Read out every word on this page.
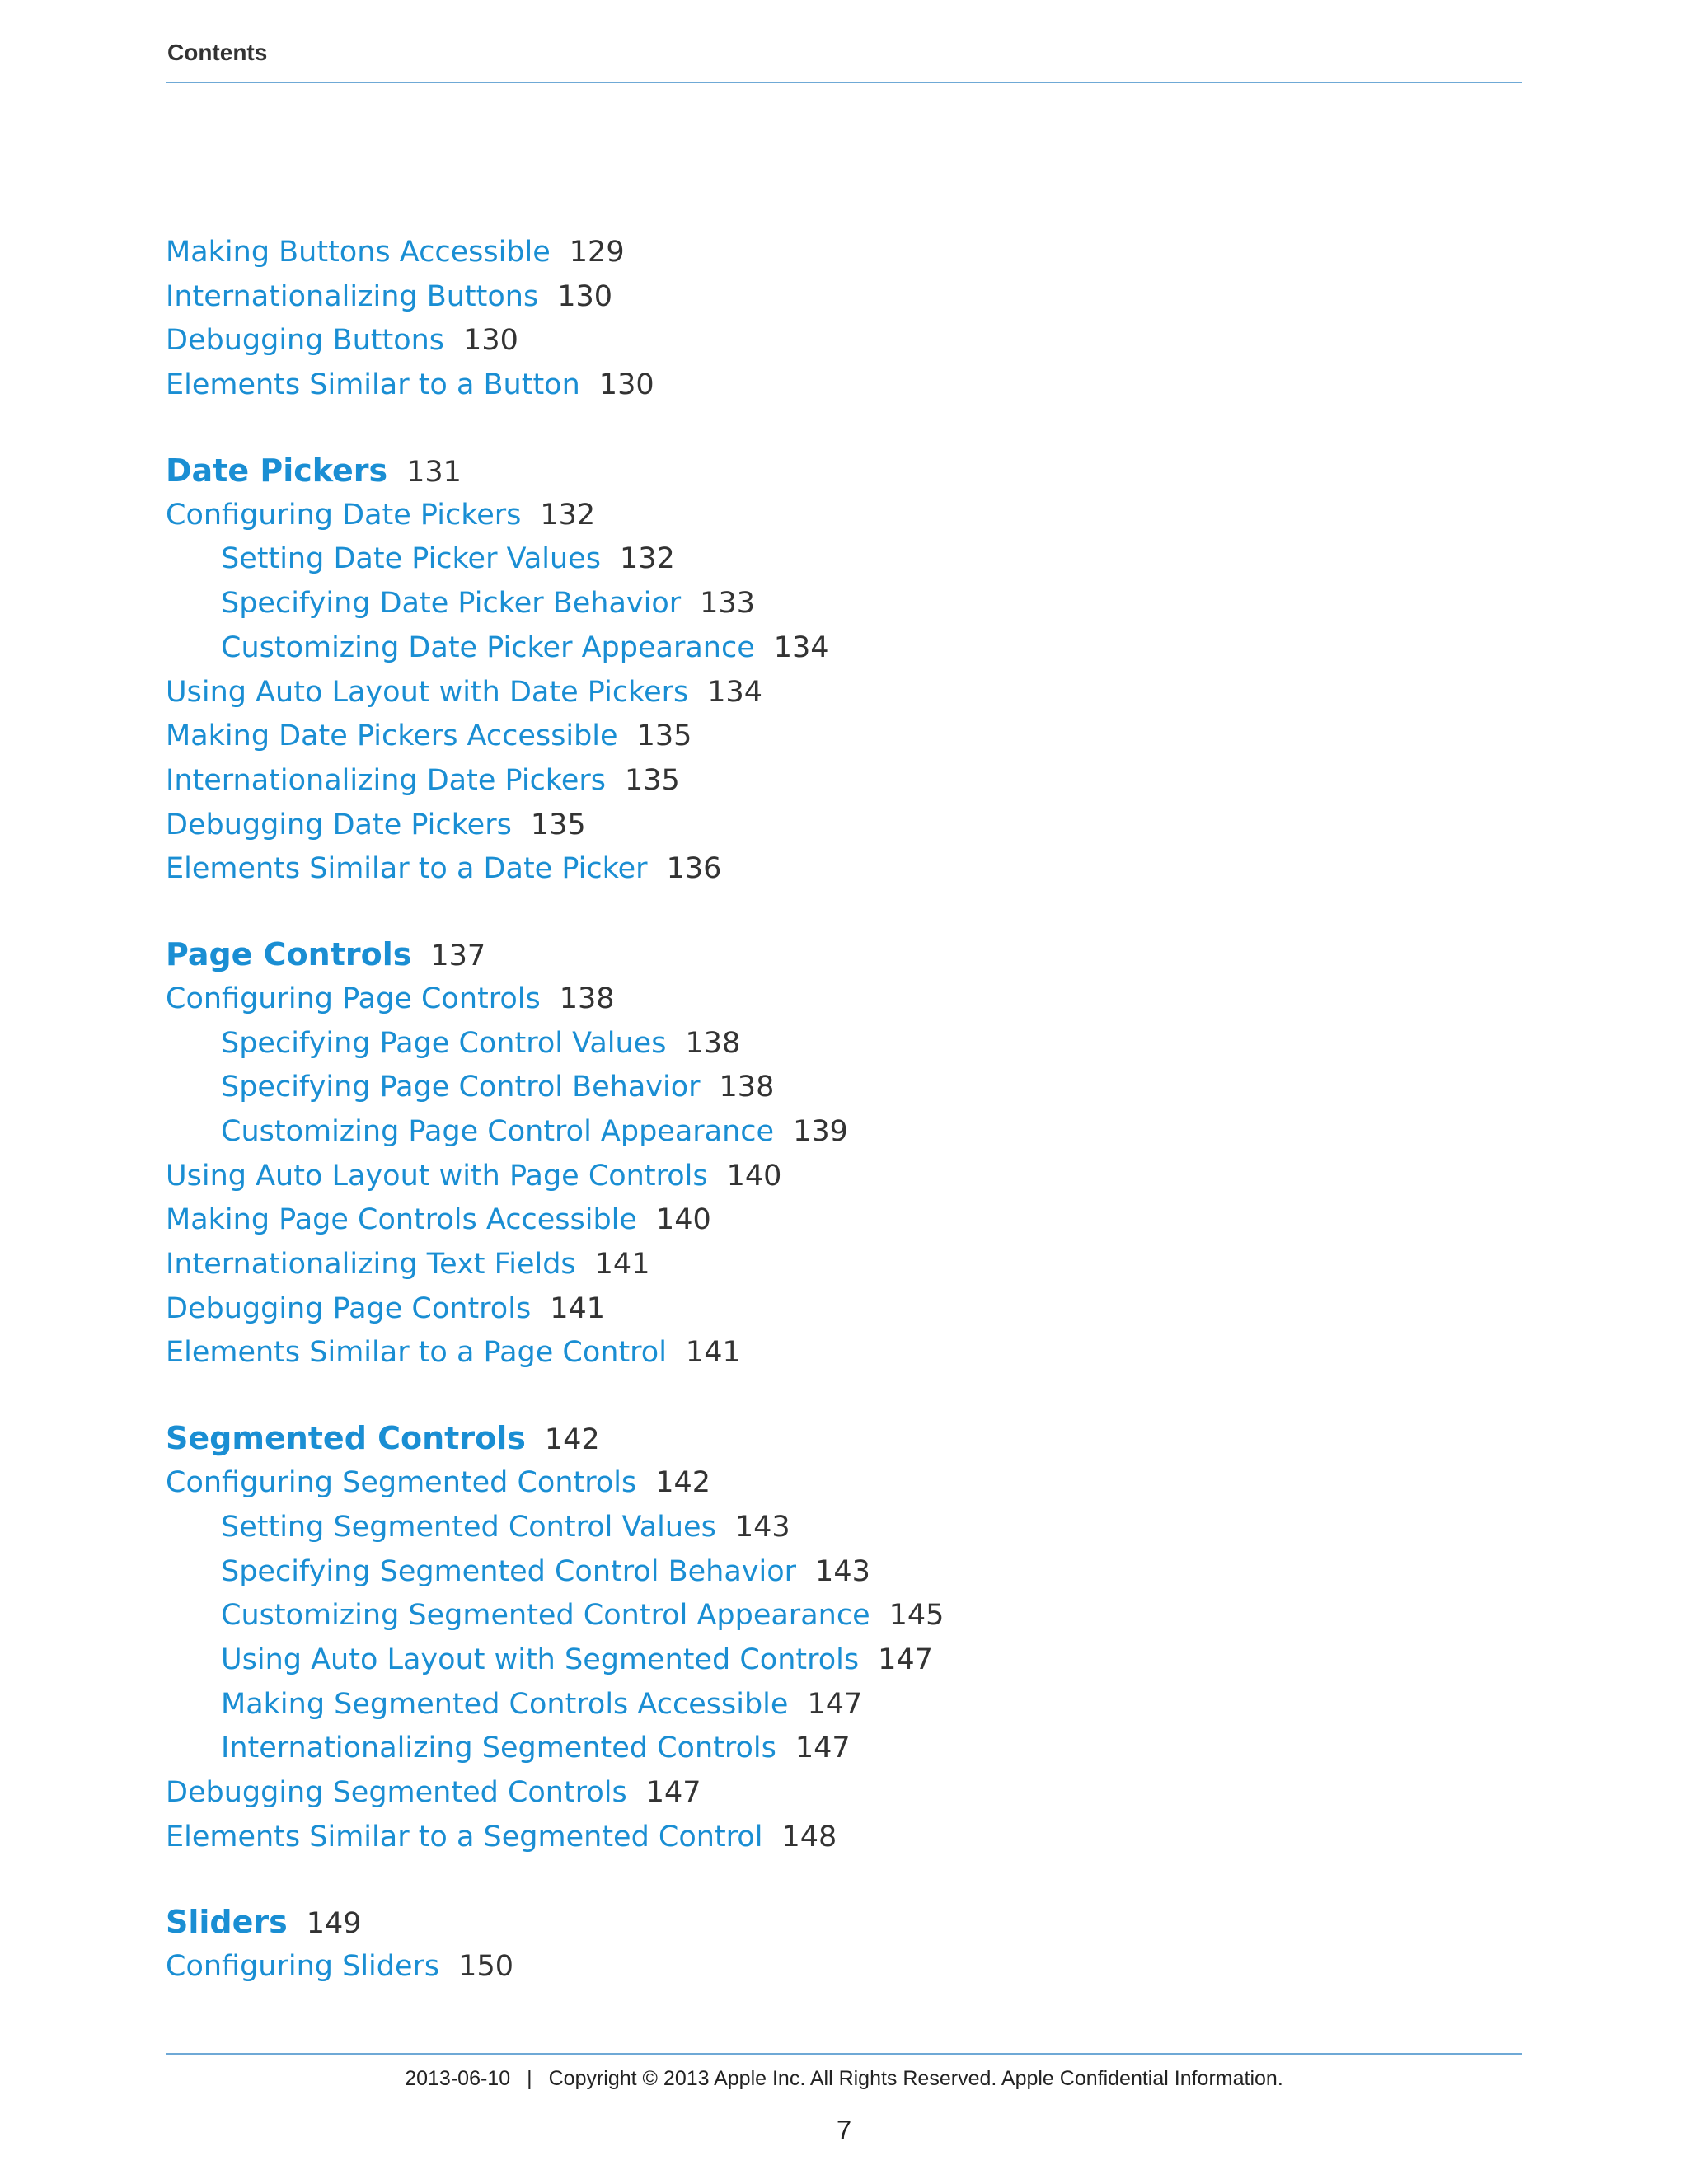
Contents
Making Buttons Accessible 129
Internationalizing Buttons 130
Debugging Buttons 130
Elements Similar to a Button 130
Date Pickers 131
Configuring Date Pickers 132
Setting Date Picker Values 132
Specifying Date Picker Behavior 133
Customizing Date Picker Appearance 134
Using Auto Layout with Date Pickers 134
Making Date Pickers Accessible 135
Internationalizing Date Pickers 135
Debugging Date Pickers 135
Elements Similar to a Date Picker 136
Page Controls 137
Configuring Page Controls 138
Specifying Page Control Values 138
Specifying Page Control Behavior 138
Customizing Page Control Appearance 139
Using Auto Layout with Page Controls 140
Making Page Controls Accessible 140
Internationalizing Text Fields 141
Debugging Page Controls 141
Elements Similar to a Page Control 141
Segmented Controls 142
Configuring Segmented Controls 142
Setting Segmented Control Values 143
Specifying Segmented Control Behavior 143
Customizing Segmented Control Appearance 145
Using Auto Layout with Segmented Controls 147
Making Segmented Controls Accessible 147
Internationalizing Segmented Controls 147
Debugging Segmented Controls 147
Elements Similar to a Segmented Control 148
Sliders 149
Configuring Sliders 150
2013-06-10 | Copyright © 2013 Apple Inc. All Rights Reserved. Apple Confidential Information.
7
